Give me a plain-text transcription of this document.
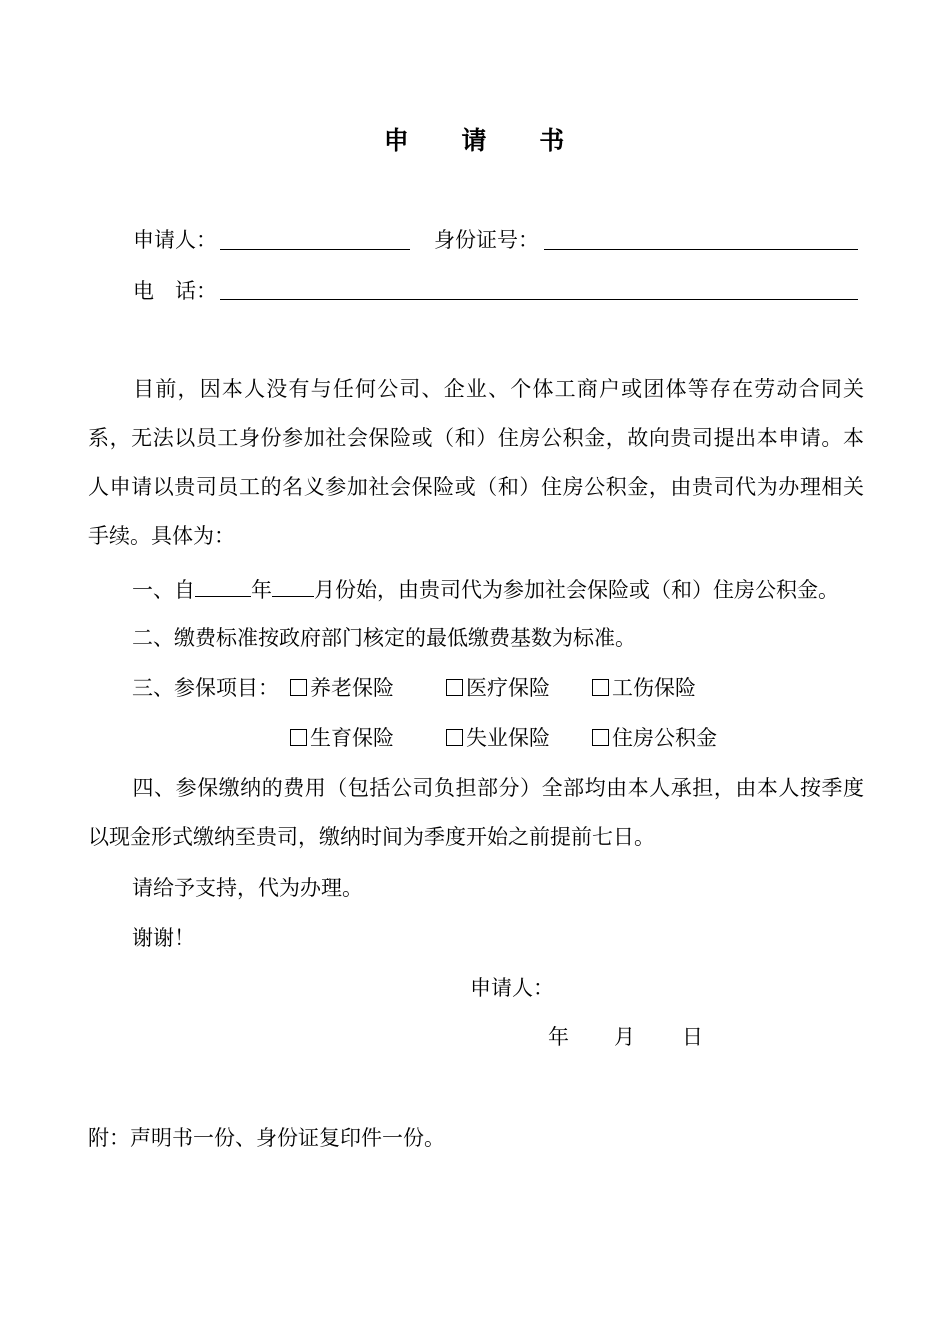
申 请 书
申请人：	身份证号：
电　话：
目前，因本人没有与任何公司、企业、个体工商户或团体等存在劳动合同关系，无法以员工身份参加社会保险或（和）住房公积金，故向贵司提出本申请。本人申请以贵司员工的名义参加社会保险或（和）住房公积金，由贵司代为办理相关手续。具体为：
一、自	年 月份始，由贵司代为参加社会保险或（和）住房公积金。
二、缴费标准按政府部门核定的最低缴费基数为标准。
三、参保项目：	养老保险	医疗保险	工伤保险
生育保险	失业保险	住房公积金
四、参保缴纳的费用（包括公司负担部分）全部均由本人承担，由本人按季度以现金形式缴纳至贵司，缴纳时间为季度开始之前提前七日。
请给予支持，代为办理。
谢谢！
申请人：
年 月 日
附：声明书一份、身份证复印件一份。
